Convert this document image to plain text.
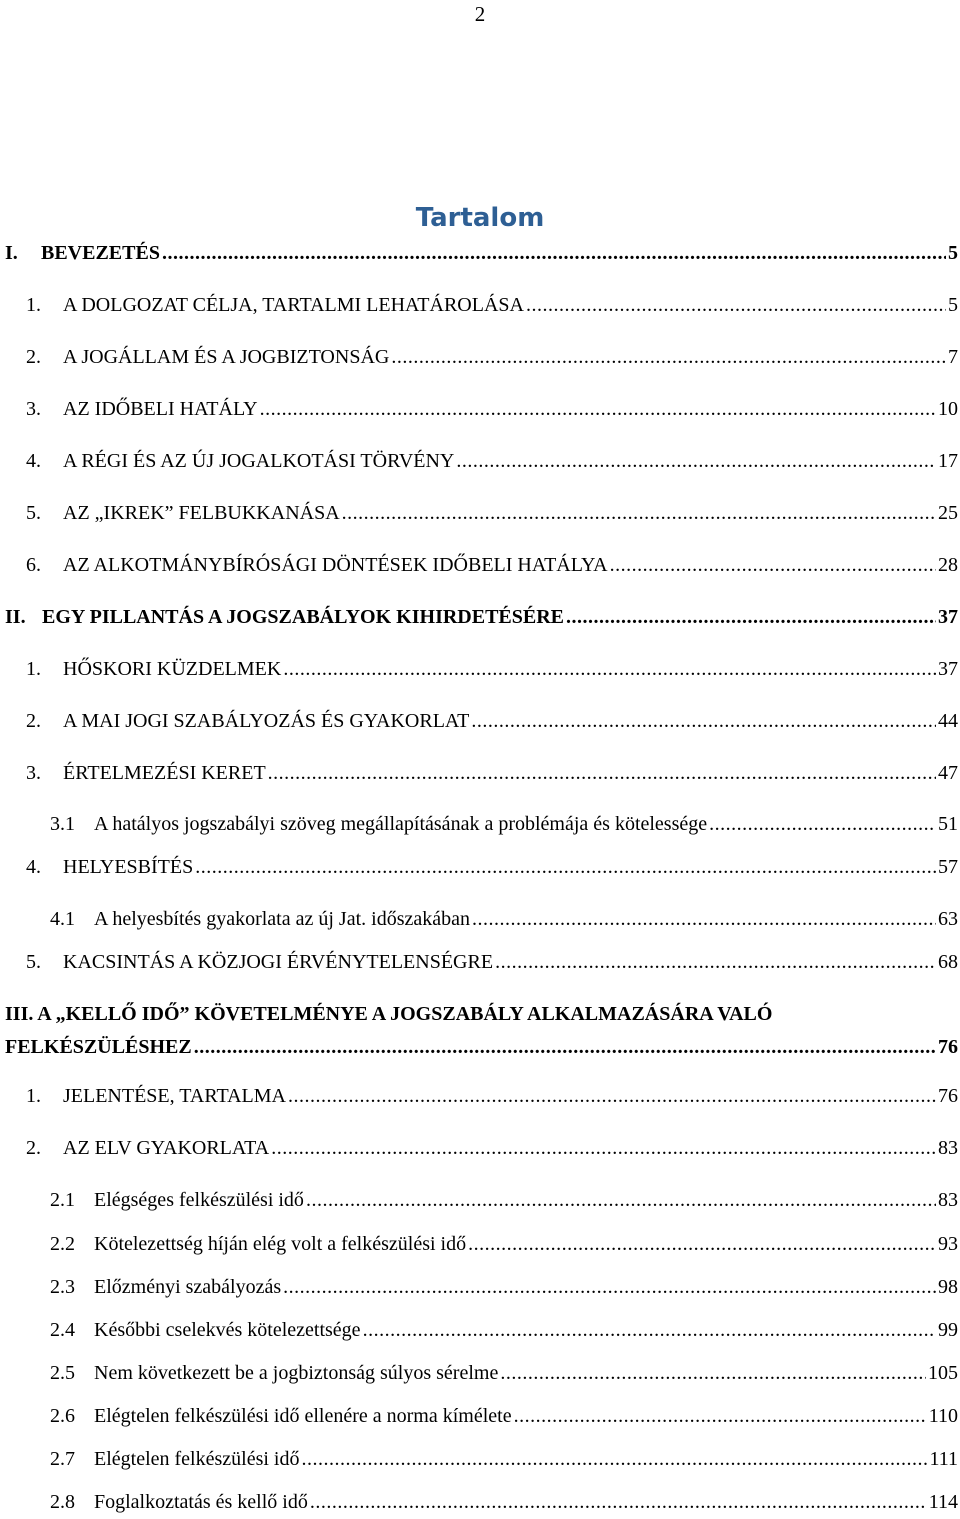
2
Tartalom
I.	BEVEZETÉS .....	5
1.	A DOLGOZAT CÉLJA, TARTALMI LEHATÁROLÁSA .....	5
2.	A JOGÁLLAM ÉS A JOGBIZTONSÁG .....	7
3.	AZ IDŐBELI HATÁLY .....	10
4.	A RÉGI ÉS AZ ÚJ JOGALKOTÁSI TÖRVÉNY .....	17
5.	AZ „IKREK” FELBUKKANÁSA .....	25
6.	AZ ALKOTMÁNYBÍRÓSÁGI DÖNTÉSEK IDŐBELI HATÁLYA .....	28
II. EGY PILLANTÁS A JOGSZABÁLYOK KIHIRDETÉSÉRE .....	37
1.	HŐSKORI KÜZDELMEK .....	37
2.	A MAI JOGI SZABÁLYOZÁS ÉS GYAKORLAT .....	44
3.	ÉRTELMEZÉSI KERET .....	47
3.1 A hatályos jogszabályi szöveg megállapításának a problémája és kötelessége .....	51
4.	HELYESBÍTÉS .....	57
4.1 A helyesbítés gyakorlata az új Jat. időszakában .....	63
5.	KACSINTÁS A KÖZJOGI ÉRVÉNYTELENSÉGRE .....	68
III. A „KELLŐ IDŐ” KÖVETELMÉNYE A JOGSZABÁLY ALKALMAZÁSÁRA VALÓ
FELKÉSZÜLÉSHEZ .....	76
1.	JELENTÉSE, TARTALMA .....	76
2.	AZ ELV GYAKORLATA .....	83
2.1 Elégséges felkészülési idő .....	83
2.2 Kötelezettség híján elég volt a felkészülési idő .....	93
2.3 Előzményi szabályozás .....	98
2.4 Későbbi cselekvés kötelezettsége .....	99
2.5 Nem következett be a jogbiztonság súlyos sérelme .....	105
2.6 Elégtelen felkészülési idő ellenére a norma kímélete .....	110
2.7 Elégtelen felkészülési idő .....	111
2.8 Foglalkoztatás és kellő idő .....	114
